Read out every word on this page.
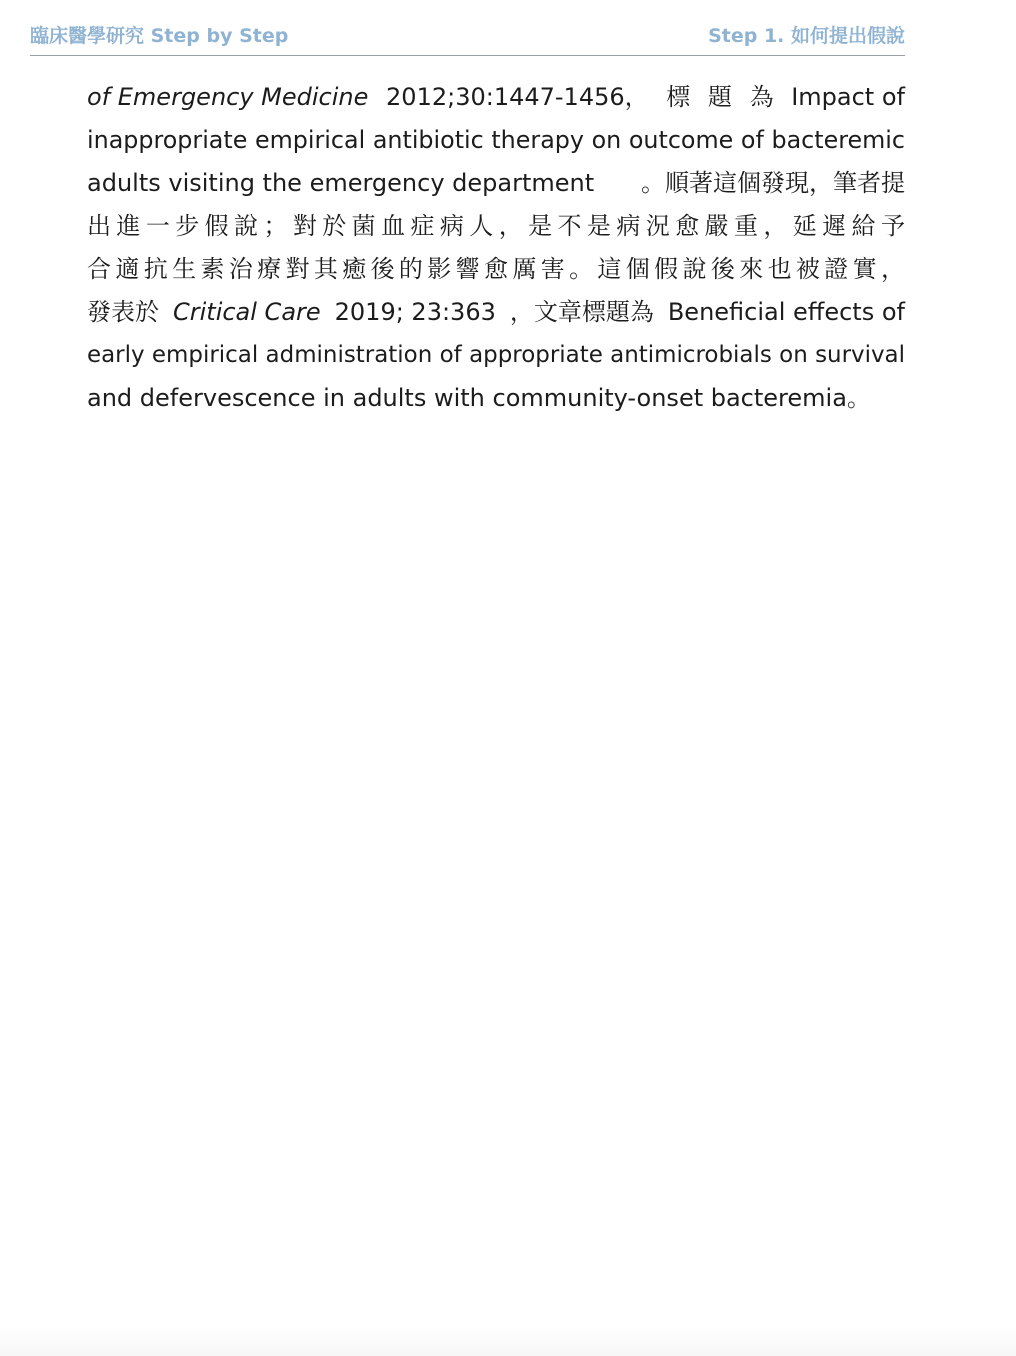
臨床醫學研究 Step by Step	Step 1. 如何提出假說
of Emergency Medicine 2012;30:1447-1456， 標 題 為 Impact of
inappropriate empirical antibiotic therapy on outcome of bacteremic
adults visiting the emergency department 。順著這個發現，筆者提
出進一步假說；對於菌血症病人，是不是病況愈嚴重，延遲給予
合適抗生素治療對其癒後的影響愈厲害。這個假說後來也被證實，
發表於 Critical Care 2019; 23:363 ，文章標題為 Beneficial effects of
early empirical administration of appropriate antimicrobials on survival
and defervescence in adults with community-onset bacteremia 。
